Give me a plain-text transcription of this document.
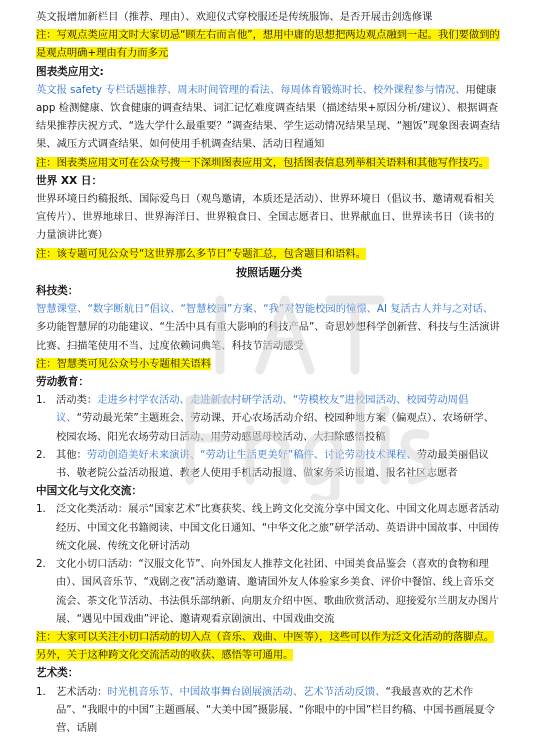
英文报增加新栏目（推荐、理由）、欢迎仪式穿校服还是传统服饰、是否开展击剑选修课

注：写观点类应用文时大家切忌“顾左右而言他”，想用中庸的思想把两边观点融到一起。我们要做到的是观点明确+理由有力而多元

图表类应用文:

英文报 safety 专栏话题推荐、周末时间管理的看法、每周体育锻炼时长、校外课程参与情况、用健康 app 检测健康、饮食健康的调查结果、词汇记忆难度调查结果（描述结果+原因分析/建议）、根据调查结果推荐庆祝方式、“选大学什么最重要？”调查结果、学生运动情况结果呈现、“翘饭”现象图表调查结果、减压方式调查结果、如何使用手机调查结果、活动日程通知

注：图表类应用文可在公众号搜一下深圳图表应用文，包括图表信息列举相关语料和其他写作技巧。

世界 XX 日：

世界环境日约稿报纸、国际爱鸟日（观鸟邀请，本质还是活动）、世界环境日（倡议书、邀请观看相关宣传片）、世界地球日、世界海洋日、世界粮食日、全国志愿者日、世界献血日、世界读书日（读书的力量演讲比赛）

注：该专题可见公众号“这世界那么多节日”专题汇总，包含题目和语料。

按照话题分类

科技类：

智慧课堂、“数字断航日”倡议、“智慧校园”方案、“我”对智能校园的憧憬、AI 复活古人并与之对话、多功能智慧屏的功能建议、“生活中具有重大影响的科技产品”、奇思妙想科学创新营、科技与生活演讲比赛、扫描笔使用不当、过度依赖词典笔、科技节活动感受

注：智慧类可见公众号小专题相关语料

劳动教育：

1. 活动类：走进乡村学农活动、走进新农村研学活动、“劳模校友”进校园活动、校园劳动周倡议、“劳动最光荣”主题班会、劳动课、开心农场活动介绍、校园种地方案（偏观点）、农场研学、校园农场、阳光农场劳动日活动、用劳动感恩母校活动、大扫除感悟投稿

2. 其他：劳动创造美好未来演讲、“劳动让生活更美好”稿件、讨论劳动技术课程、劳动最美丽倡议书、敬老院公益活动报道、教老人使用手机活动报道、做家务采访报道、报名社区志愿者

中国文化与文化交流：

1. 泛文化类活动：展示“国家艺术”比赛获奖、线上跨文化交流分享中国文化、中国文化周志愿者活动经历、中国文化书籍阅读、中国文化日通知、“中华文化之旅”研学活动、英语讲中国故事、中国传统文化展、传统文化研讨活动

2. 文化小切口活动：“汉服文化节”、向外国友人推荐文化社团、中国美食品鉴会（喜欢的食物和理由）、国风音乐节、“戏剧之夜”活动邀请、邀请国外友人体验家乡美食、评价中餐馆、线上音乐交流会、茶文化节活动、书法俱乐部纳新、向朋友介绍中医、歌曲欣赏活动、迎接爱尔兰朋友办图片展、“遇见中国戏曲”评论、邀请观看京剧演出、中国戏曲交流

注：大家可以关注小切口活动的切入点（音乐、戏曲、中医等），这些可以作为泛文化活动的落脚点。另外，关于这种跨文化交流活动的收获、感悟等可通用。

艺术类：

1. 艺术活动：时光机音乐节、中国故事舞台剧展演活动、艺术节活动反馈、“我最喜欢的艺术作品”、“我眼中的中国”主题画展、“大美中国”摄影展、“你眼中的中国”栏目约稿、中国书画展夏令营、话剧
